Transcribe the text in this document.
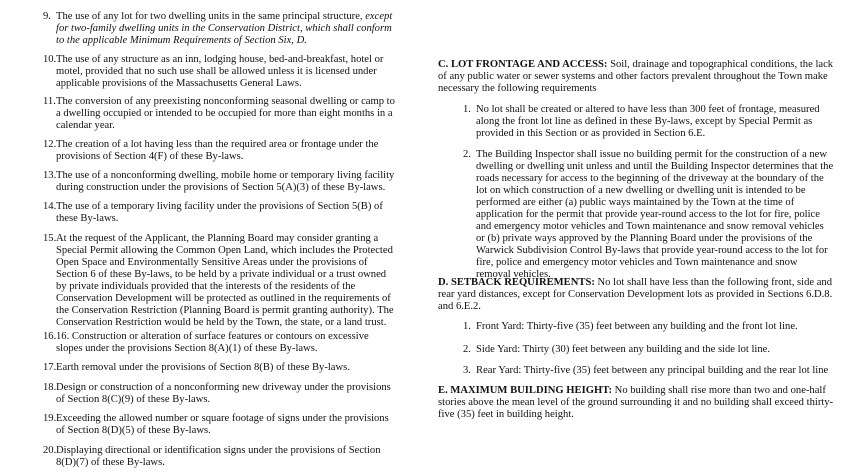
9. The use of any lot for two dwelling units in the same principal structure, except for two-family dwelling units in the Conservation District, which shall conform to the applicable Minimum Requirements of Section Six, D.
10. The use of any structure as an inn, lodging house, bed-and-breakfast, hotel or motel, provided that no such use shall be allowed unless it is licensed under applicable provisions of the Massachusetts General Laws.
11. The conversion of any preexisting nonconforming seasonal dwelling or camp to a dwelling occupied or intended to be occupied for more than eight months in a calendar year.
12. The creation of a lot having less than the required area or frontage under the provisions of Section 4(F) of these By-laws.
13. The use of a nonconforming dwelling, mobile home or temporary living facility during construction under the provisions of Section 5(A)(3) of these By-laws.
14. The use of a temporary living facility under the provisions of Section 5(B) of these By-laws.
15. At the request of the Applicant, the Planning Board may consider granting a Special Permit allowing the Common Open Land, which includes the Protected Open Space and Environmentally Sensitive Areas under the provisions of Section 6 of these By-laws, to be held by a private individual or a trust owned by private individuals provided that the interests of the residents of the Conservation Development will be protected as outlined in the requirements of the Conservation Restriction (Planning Board is permit granting authority). The Conservation Restriction would be held by the Town, the state, or a land trust.
16. 16. Construction or alteration of surface features or contours on excessive slopes under the provisions Section 8(A)(1) of these By-laws.
17. Earth removal under the provisions of Section 8(B) of these By-laws.
18. Design or construction of a nonconforming new driveway under the provisions of Section 8(C)(9) of these By-laws.
19. Exceeding the allowed number or square footage of signs under the provisions of Section 8(D)(5) of these By-laws.
20. Displaying directional or identification signs under the provisions of Section 8(D)(7) of these By-laws.
C. LOT FRONTAGE AND ACCESS: Soil, drainage and topographical conditions, the lack of any public water or sewer systems and other factors prevalent throughout the Town make necessary the following requirements
1. No lot shall be created or altered to have less than 300 feet of frontage, measured along the front lot line as defined in these By-laws, except by Special Permit as provided in this Section or as provided in Section 6.E.
2. The Building Inspector shall issue no building permit for the construction of a new dwelling or dwelling unit unless and until the Building Inspector determines that the roads necessary for access to the beginning of the driveway at the boundary of the lot on which construction of a new dwelling or dwelling unit is intended to be performed are either (a) public ways maintained by the Town at the time of application for the permit that provide year-round access to the lot for fire, police and emergency motor vehicles and Town maintenance and snow removal vehicles or (b) private ways approved by the Planning Board under the provisions of the Warwick Subdivision Control By-laws that provide year-round access to the lot for fire, police and emergency motor vehicles and Town maintenance and snow removal vehicles.
D. SETBACK REQUIREMENTS: No lot shall have less than the following front, side and rear yard distances, except for Conservation Development lots as provided in Sections 6.D.8. and 6.E.2.
1. Front Yard: Thirty-five (35) feet between any building and the front lot line.
2. Side Yard: Thirty (30) feet between any building and the side lot line.
3. Rear Yard: Thirty-five (35) feet between any principal building and the rear lot line
E. MAXIMUM BUILDING HEIGHT: No building shall rise more than two and one-half stories above the mean level of the ground surrounding it and no building shall exceed thirty-five (35) feet in building height.
